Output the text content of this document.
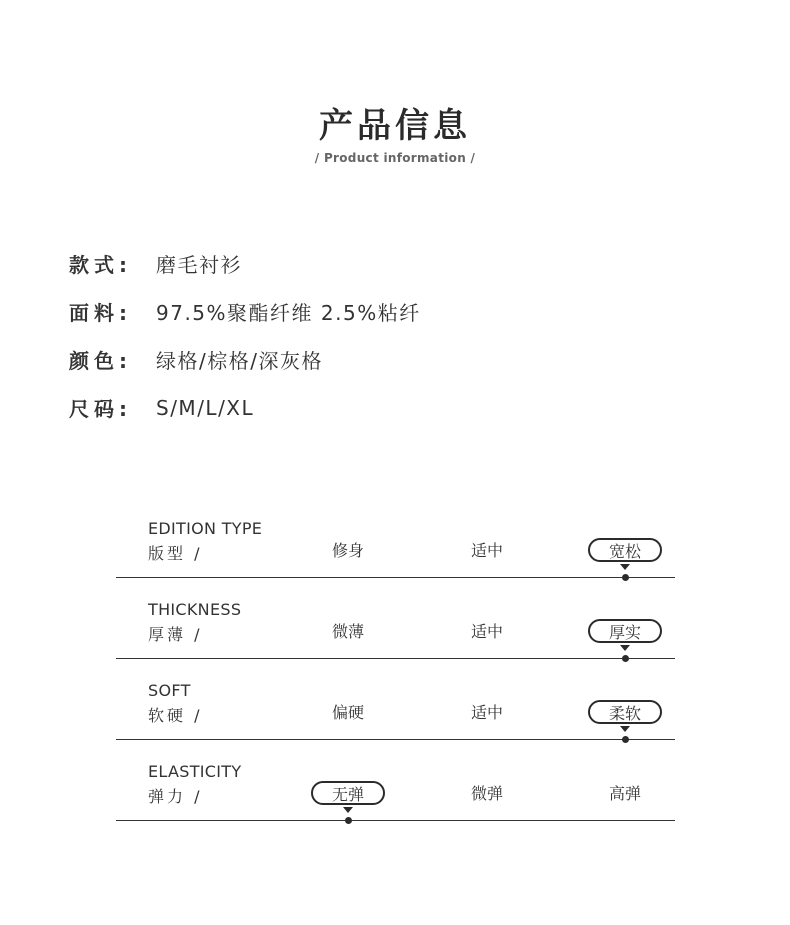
产品信息
/ Product information /
款式:	磨毛衬衫
面料:	97.5%聚酯纤维 2.5%粘纤
颜色:	绿格/棕格/深灰格
尺码:	S/M/L/XL
EDITION TYPE
版型 /	修身	适中	宽松
THICKNESS
厚薄 /	微薄	适中	厚实
SOFT
软硬 /	偏硬	适中	柔软
ELASTICITY
弹力 /	无弹	微弹	高弹
